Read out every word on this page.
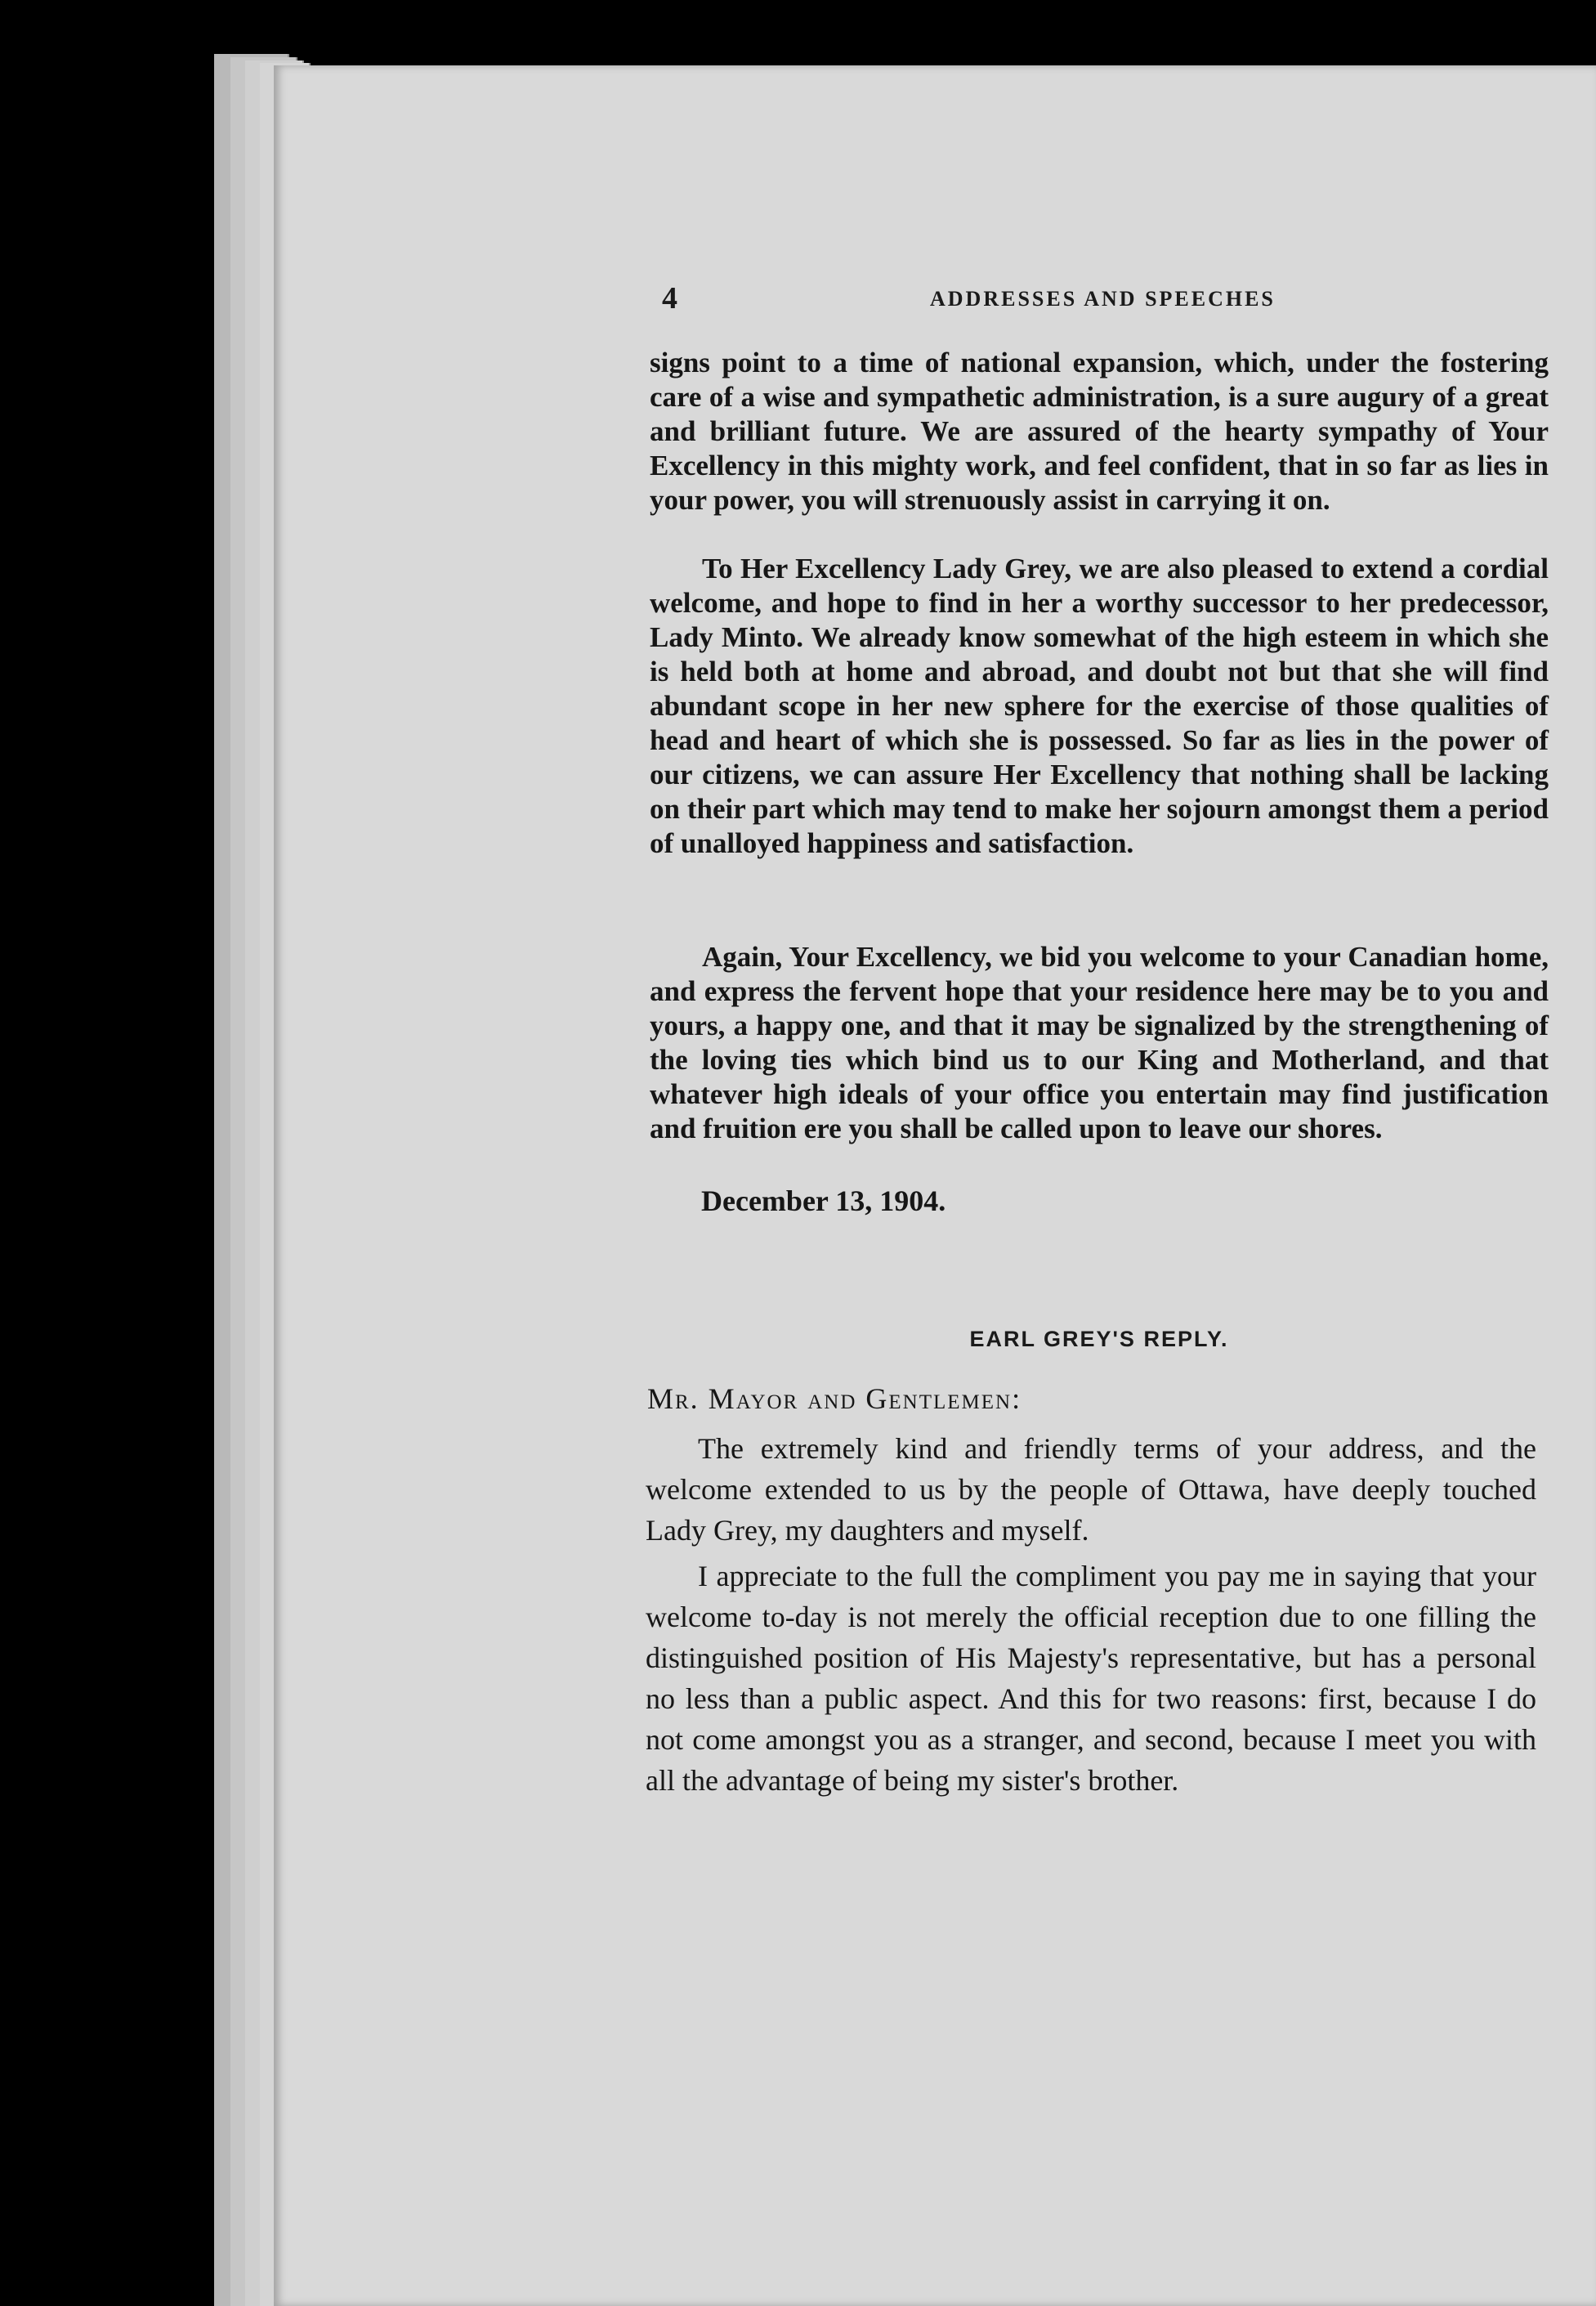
4	ADDRESSES AND SPEECHES

signs point to a time of national expansion, which, under the fostering care of a wise and sympathetic administration, is a sure augury of a great and brilliant future. We are assured of the hearty sympathy of Your Excellency in this mighty work, and feel confident, that in so far as lies in your power, you will strenuously assist in carrying it on.

To Her Excellency Lady Grey, we are also pleased to extend a cordial welcome, and hope to find in her a worthy successor to her predecessor, Lady Minto. We already know somewhat of the high esteem in which she is held both at home and abroad, and doubt not but that she will find abundant scope in her new sphere for the exercise of those qualities of head and heart of which she is possessed. So far as lies in the power of our citizens, we can assure Her Excellency that nothing shall be lacking on their part which may tend to make her sojourn amongst them a period of unalloyed happiness and satisfaction.

Again, Your Excellency, we bid you welcome to your Canadian home, and express the fervent hope that your residence here may be to you and yours, a happy one, and that it may be signalized by the strengthening of the loving ties which bind us to our King and Motherland, and that whatever high ideals of your office you entertain may find justification and fruition ere you shall be called upon to leave our shores.

December 13, 1904.
EARL GREY'S REPLY.
Mr. Mayor and Gentlemen:

The extremely kind and friendly terms of your address, and the welcome extended to us by the people of Ottawa, have deeply touched Lady Grey, my daughters and myself.

I appreciate to the full the compliment you pay me in saying that your welcome to-day is not merely the official reception due to one filling the distinguished position of His Majesty's representative, but has a personal no less than a public aspect. And this for two reasons: first, because I do not come amongst you as a stranger, and second, because I meet you with all the advantage of being my sister's brother.
